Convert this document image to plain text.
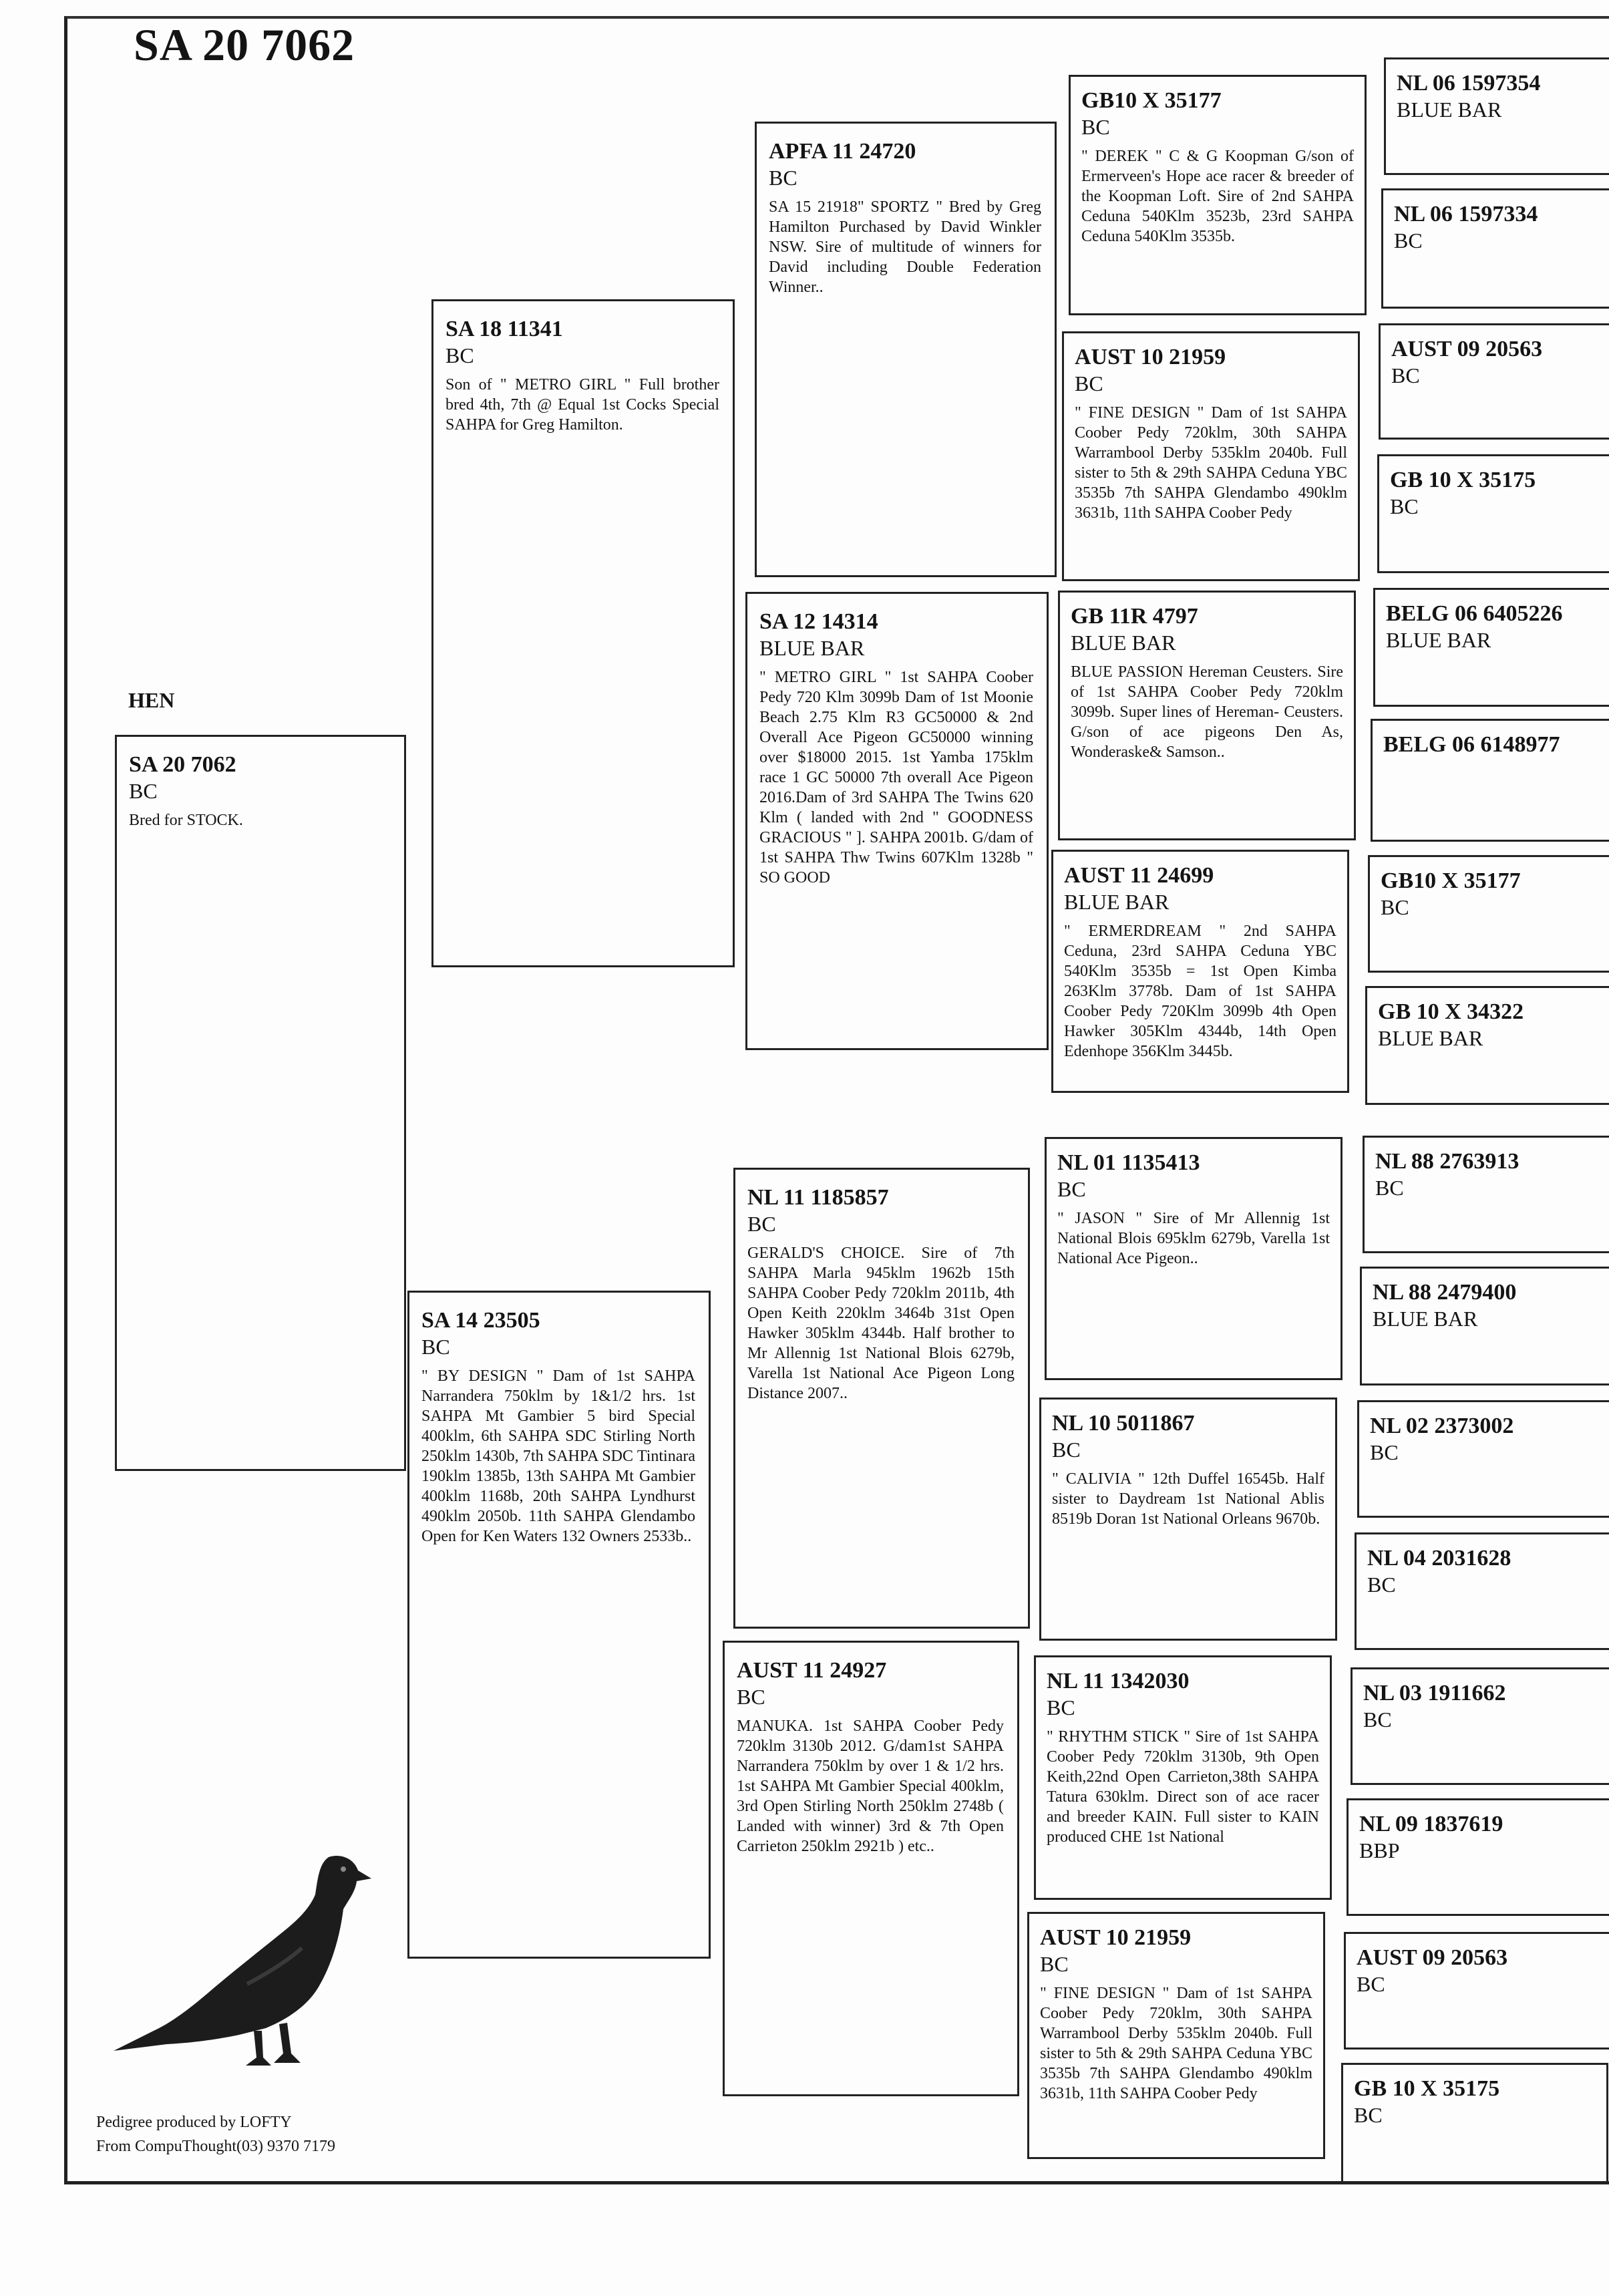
SA 20 7062
HEN
SA 20 7062
BC
Bred for STOCK.
SA 18 11341
BC
Son of " METRO GIRL " Full brother bred 4th, 7th @ Equal 1st Cocks Special SAHPA for Greg Hamilton.
SA 14 23505
BC
" BY DESIGN " Dam of 1st SAHPA Narrandera 750klm by 1&1/2 hrs. 1st SAHPA Mt Gambier 5 bird Special 400klm, 6th SAHPA SDC Stirling North 250klm 1430b, 7th SAHPA SDC Tintinara 190klm 1385b, 13th SAHPA Mt Gambier 400klm 1168b, 20th SAHPA Lyndhurst 490klm 2050b. 11th SAHPA Glendambo Open for Ken Waters 132 Owners 2533b..
APFA 11 24720
BC
SA 15 21918" SPORTZ " Bred by Greg Hamilton Purchased by David Winkler NSW. Sire of multitude of winners for David including Double Federation Winner..
SA 12 14314
BLUE BAR
" METRO GIRL " 1st SAHPA Coober Pedy 720 Klm 3099b Dam of 1st Moonie Beach 2.75 Klm R3 GC50000 & 2nd Overall Ace Pigeon GC50000 winning over $18000 2015. 1st Yamba 175klm race 1 GC 50000 7th overall Ace Pigeon 2016.Dam of 3rd SAHPA The Twins 620 Klm ( landed with 2nd " GOODNESS GRACIOUS " ]. SAHPA 2001b. G/dam of 1st SAHPA Thw Twins 607Klm 1328b " SO GOOD
NL 11 1185857
BC
GERALD'S CHOICE. Sire of 7th SAHPA Marla 945klm 1962b 15th SAHPA Coober Pedy 720klm 2011b, 4th Open Keith 220klm 3464b 31st Open Hawker 305klm 4344b. Half brother to Mr Allennig 1st National Blois 6279b, Varella 1st National Ace Pigeon Long Distance 2007..
AUST 11 24927
BC
MANUKA. 1st SAHPA Coober Pedy 720klm 3130b 2012. G/dam1st SAHPA Narrandera 750klm by over 1 & 1/2 hrs. 1st SAHPA Mt Gambier Special 400klm, 3rd Open Stirling North 250klm 2748b ( Landed with winner) 3rd & 7th Open Carrieton 250klm 2921b ) etc..
GB10 X 35177
BC
" DEREK " C & G Koopman G/son of Ermerveen's Hope ace racer & breeder of the Koopman Loft. Sire of 2nd SAHPA Ceduna 540Klm 3523b, 23rd SAHPA Ceduna 540Klm 3535b.
AUST 10 21959
BC
" FINE DESIGN " Dam of 1st SAHPA Coober Pedy 720klm, 30th SAHPA Warrambool Derby 535klm 2040b. Full sister to 5th & 29th SAHPA Ceduna YBC 3535b 7th SAHPA Glendambo 490klm 3631b, 11th SAHPA Coober Pedy
GB 11R 4797
BLUE BAR
BLUE PASSION Hereman Ceusters. Sire of 1st SAHPA Coober Pedy 720klm 3099b. Super lines of Hereman- Ceusters. G/son of ace pigeons Den As, Wonderaske& Samson..
AUST 11 24699
BLUE BAR
" ERMERDREAM " 2nd SAHPA Ceduna, 23rd SAHPA Ceduna YBC 540Klm 3535b = 1st Open Kimba 263Klm 3778b. Dam of 1st SAHPA Coober Pedy 720Klm 3099b 4th Open Hawker 305Klm 4344b, 14th Open Edenhope 356Klm 3445b.
NL 01 1135413
BC
" JASON " Sire of Mr Allennig 1st National Blois 695klm 6279b, Varella 1st National Ace Pigeon..
NL 10 5011867
BC
" CALIVIA " 12th Duffel 16545b. Half sister to Daydream 1st National Ablis 8519b Doran 1st National Orleans 9670b.
NL 11 1342030
BC
" RHYTHM STICK " Sire of 1st SAHPA Coober Pedy 720klm 3130b, 9th Open Keith,22nd Open Carrieton,38th SAHPA Tatura 630klm. Direct son of ace racer and breeder KAIN. Full sister to KAIN produced CHE 1st National
AUST 10 21959
BC
" FINE DESIGN " Dam of 1st SAHPA Coober Pedy 720klm, 30th SAHPA Warrambool Derby 535klm 2040b. Full sister to 5th & 29th SAHPA Ceduna YBC 3535b 7th SAHPA Glendambo 490klm 3631b, 11th SAHPA Coober Pedy
NL 06 1597354
BLUE BAR
NL 06 1597334
BC
AUST 09 20563
BC
GB 10 X 35175
BC
BELG 06 6405226
BLUE BAR
BELG 06 6148977
GB10 X 35177
BC
GB 10 X 34322
BLUE BAR
NL 88 2763913
BC
NL 88 2479400
BLUE BAR
NL 02 2373002
BC
NL 04 2031628
BC
NL 03 1911662
BC
NL 09 1837619
BBP
AUST 09 20563
BC
GB 10 X 35175
BC
Pedigree produced by LOFTY
From CompuThought(03) 9370 7179
